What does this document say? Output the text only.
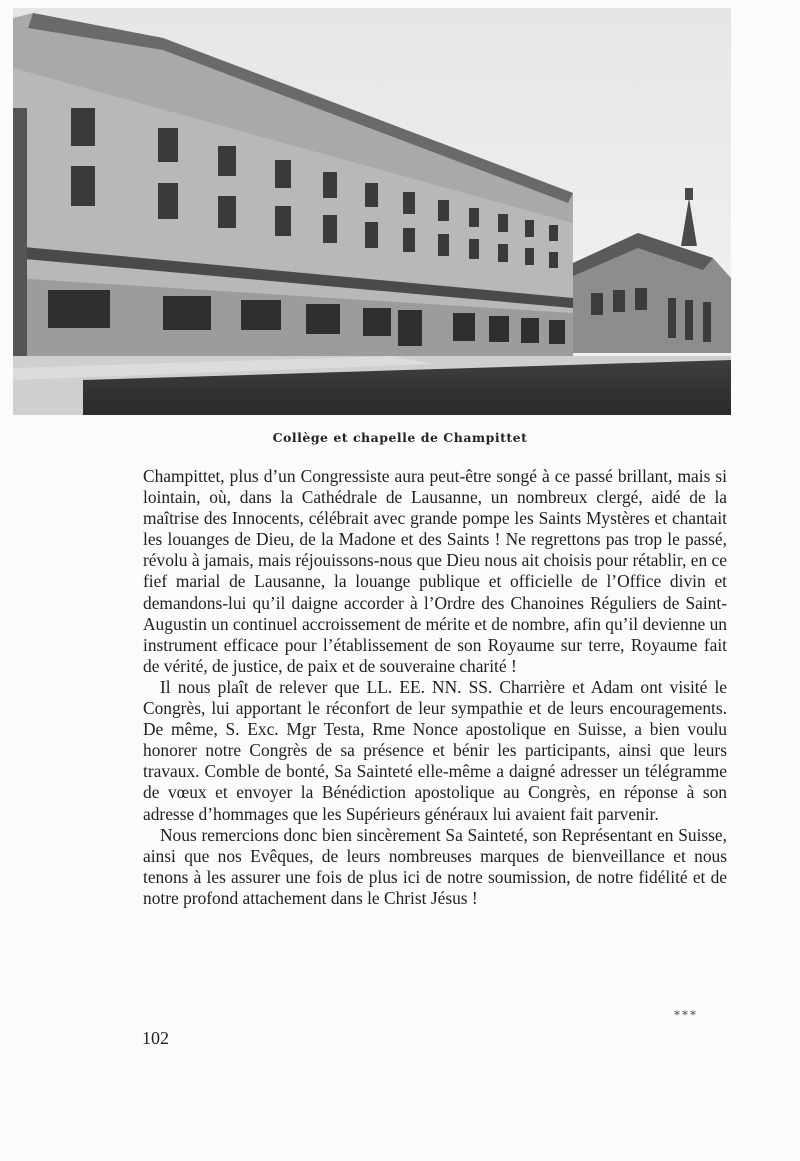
Collège et chapelle de Champittet

Champittet, plus d’un Congressiste aura peut-être songé à ce passé brillant, mais si lointain, où, dans la Cathédrale de Lausanne, un nombreux clergé, aidé de la maîtrise des Innocents, célébrait avec grande pompe les Saints Mystères et chantait les louanges de Dieu, de la Madone et des Saints ! Ne regrettons pas trop le passé, révolu à jamais, mais réjouissons-nous que Dieu nous ait choisis pour rétablir, en ce fief marial de Lausanne, la louange publique et officielle de l’Office divin et demandons-lui qu’il daigne accorder à l’Ordre des Chanoines Réguliers de Saint-Augustin un continuel accroissement de mérite et de nombre, afin qu’il devienne un instrument efficace pour l’établissement de son Royaume sur terre, Royaume fait de vérité, de justice, de paix et de souveraine charité !

Il nous plaît de relever que LL. EE. NN. SS. Charrière et Adam ont visité le Congrès, lui apportant le réconfort de leur sympathie et de leurs encouragements. De même, S. Exc. Mgr Testa, Rme Nonce apostolique en Suisse, a bien voulu honorer notre Congrès de sa présence et bénir les participants, ainsi que leurs travaux. Comble de bonté, Sa Sainteté elle-même a daigné adresser un télégramme de vœux et envoyer la Bénédiction apostolique au Congrès, en réponse à son adresse d’hommages que les Supérieurs généraux lui avaient fait parvenir.

Nous remercions donc bien sincèrement Sa Sainteté, son Représentant en Suisse, ainsi que nos Evêques, de leurs nombreuses marques de bienveillance et nous tenons à les assurer une fois de plus ici de notre soumission, de notre fidélité et de notre profond attachement dans le Christ Jésus !

***
102
